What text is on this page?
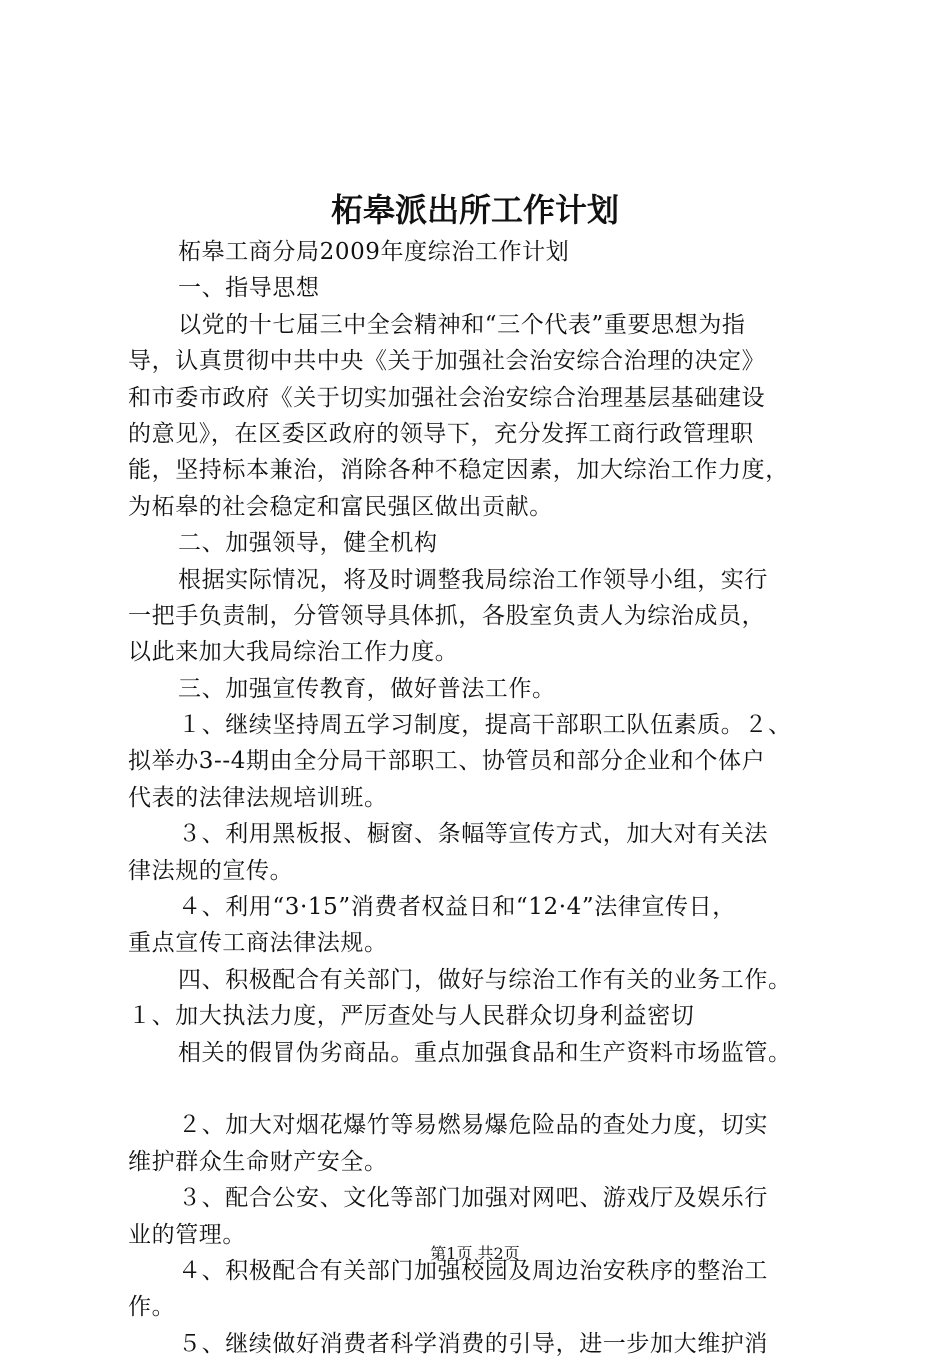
柘皋派出所工作计划
柘皋工商分局2009年度综治工作计划
一、指导思想
以党的十七届三中全会精神和“三个代表”重要思想为指
导，认真贯彻中共中央《关于加强社会治安综合治理的决定》
和市委市政府《关于切实加强社会治安综合治理基层基础建设
的意见》，在区委区政府的领导下，充分发挥工商行政管理职
能，坚持标本兼治，消除各种不稳定因素，加大综治工作力度，
为柘皋的社会稳定和富民强区做出贡献。
二、加强领导，健全机构
根据实际情况，将及时调整我局综治工作领导小组，实行
一把手负责制，分管领导具体抓，各股室负责人为综治成员，
以此来加大我局综治工作力度。
三、加强宣传教育，做好普法工作。
１、继续坚持周五学习制度，提高干部职工队伍素质。２、
拟举办3--4期由全分局干部职工、协管员和部分企业和个体户
代表的法律法规培训班。
３、利用黑板报、橱窗、条幅等宣传方式，加大对有关法
律法规的宣传。
４、利用“3·15”消费者权益日和“12·4”法律宣传日，
重点宣传工商法律法规。
四、积极配合有关部门，做好与综治工作有关的业务工作。
１、加大执法力度，严厉查处与人民群众切身利益密切
相关的假冒伪劣商品。重点加强食品和生产资料市场监管。
２、加大对烟花爆竹等易燃易爆危险品的查处力度，切实
维护群众生命财产安全。
３、配合公安、文化等部门加强对网吧、游戏厅及娱乐行
业的管理。
４、积极配合有关部门加强校园及周边治安秩序的整治工
作。
５、继续做好消费者科学消费的引导，进一步加大维护消
第1页 共2页
